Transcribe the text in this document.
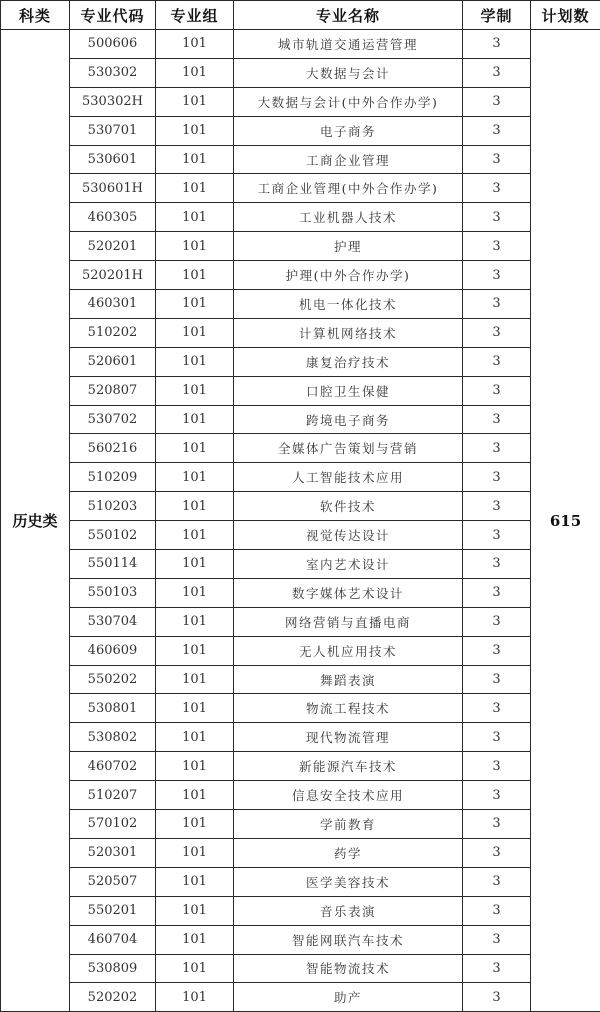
科类	专业代码	专业组	专业名称	学制	计划数
历史类	500606	101	城市轨道交通运营管理	3	615
	530302	101	大数据与会计	3	
	530302H	101	大数据与会计(中外合作办学)	3	
	530701	101	电子商务	3	
	530601	101	工商企业管理	3	
	530601H	101	工商企业管理(中外合作办学)	3	
	460305	101	工业机器人技术	3	
	520201	101	护理	3	
	520201H	101	护理(中外合作办学)	3	
	460301	101	机电一体化技术	3	
	510202	101	计算机网络技术	3	
	520601	101	康复治疗技术	3	
	520807	101	口腔卫生保健	3	
	530702	101	跨境电子商务	3	
	560216	101	全媒体广告策划与营销	3	
	510209	101	人工智能技术应用	3	
	510203	101	软件技术	3	
	550102	101	视觉传达设计	3	
	550114	101	室内艺术设计	3	
	550103	101	数字媒体艺术设计	3	
	530704	101	网络营销与直播电商	3	
	460609	101	无人机应用技术	3	
	550202	101	舞蹈表演	3	
	530801	101	物流工程技术	3	
	530802	101	现代物流管理	3	
	460702	101	新能源汽车技术	3	
	510207	101	信息安全技术应用	3	
	570102	101	学前教育	3	
	520301	101	药学	3	
	520507	101	医学美容技术	3	
	550201	101	音乐表演	3	
	460704	101	智能网联汽车技术	3	
	530809	101	智能物流技术	3	
	520202	101	助产	3	
